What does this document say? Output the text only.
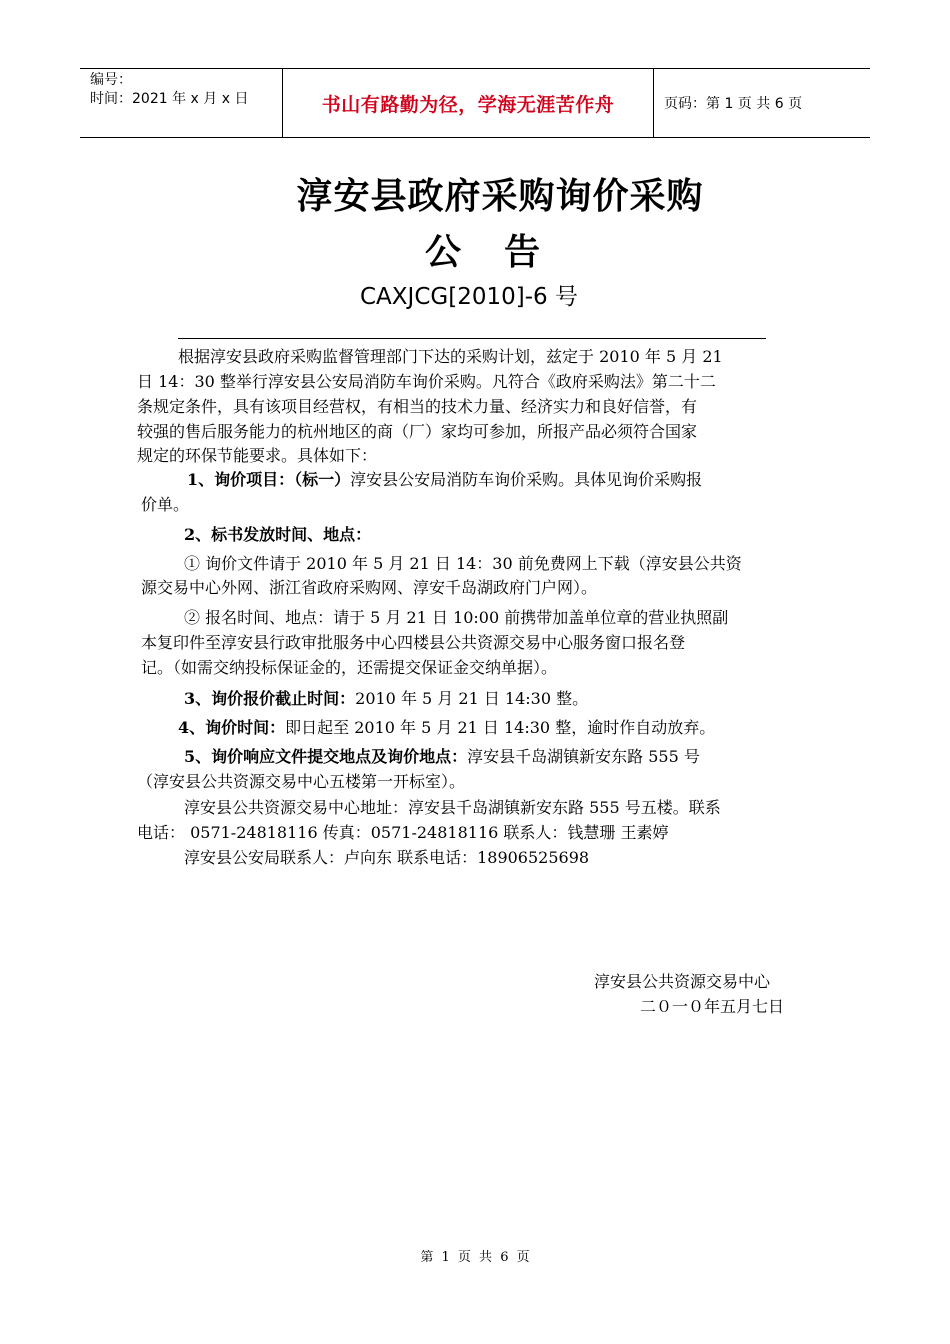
编号：
时间：2021 年 x 月 x 日	书山有路勤为径，学海无涯苦作舟	页码：第 1 页 共 6 页
淳安县政府采购询价采购
公 告
CAXJCG[2010]-6 号
根据淳安县政府采购监督管理部门下达的采购计划，兹定于 2010 年 5 月 21
日 14：30 整举行淳安县公安局消防车询价采购。凡符合《政府采购法》第二十二
条规定条件，具有该项目经营权，有相当的技术力量、经济实力和良好信誉，有
较强的售后服务能力的杭州地区的商（厂）家均可参加，所报产品必须符合国家
规定的环保节能要求。具体如下：
1、询价项目：（标一）淳安县公安局消防车询价采购。具体见询价采购报
价单。
2、标书发放时间、地点：
① 询价文件请于 2010 年 5 月 21 日 14：30 前免费网上下载（淳安县公共资
源交易中心外网、浙江省政府采购网、淳安千岛湖政府门户网）。
② 报名时间、地点：请于 5 月 21 日 10:00 前携带加盖单位章的营业执照副
本复印件至淳安县行政审批服务中心四楼县公共资源交易中心服务窗口报名登
记。（如需交纳投标保证金的，还需提交保证金交纳单据）。
3、询价报价截止时间：2010 年 5 月 21 日 14:30 整。
4、询价时间：即日起至 2010 年 5 月 21 日 14:30 整，逾时作自动放弃。
5、询价响应文件提交地点及询价地点：淳安县千岛湖镇新安东路 555 号
（淳安县公共资源交易中心五楼第一开标室）。
淳安县公共资源交易中心地址：淳安县千岛湖镇新安东路 555 号五楼。联系
电话： 0571-24818116 传真：0571-24818116 联系人：钱慧珊 王素婷
淳安县公安局联系人：卢向东 联系电话：18906525698
淳安县公共资源交易中心
二０一０年五月七日
第 1 页 共 6 页
